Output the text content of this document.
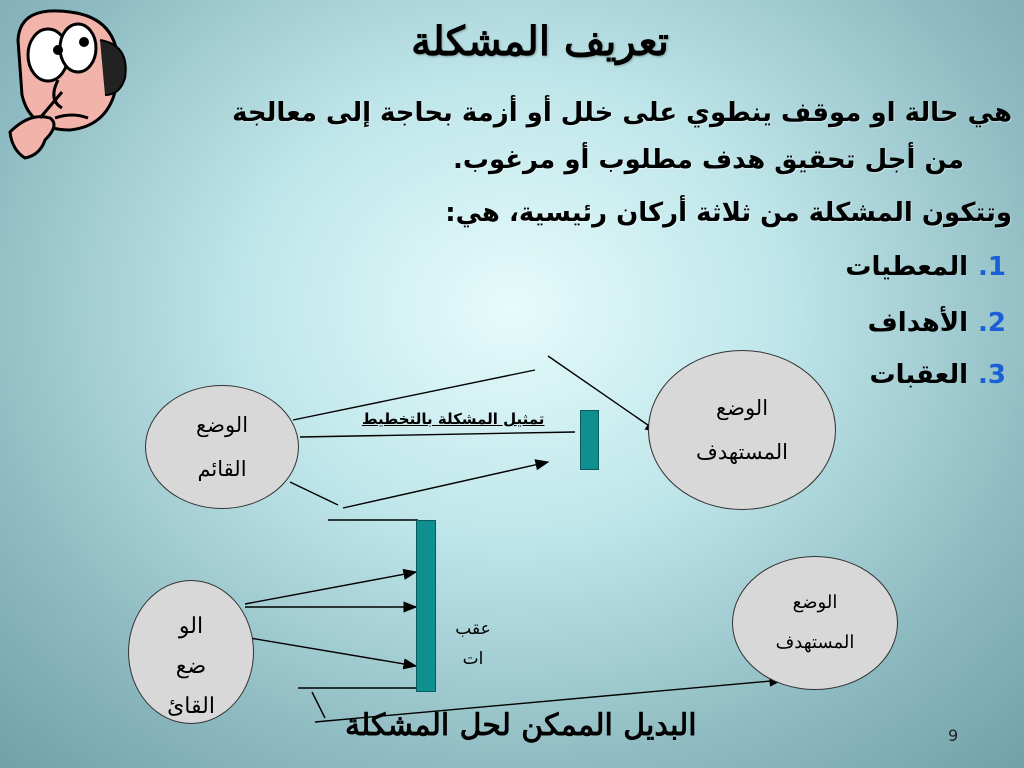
تعريف المشكلة
هي حالة او موقف ينطوي على خلل أو أزمة بحاجة إلى معالجة
من أجل تحقيق هدف مطلوب أو مرغوب.
وتتكون المشكلة من ثلاثة أركان رئيسية، هي:
1.المعطيات
2.الأهداف
3.العقبات
تمثيل المشكلة بالتخطيط
الوضع
القائم
الوضع
المستهدف
الو
ضع
القائ
الوضع
المستهدف
عقب
ات
البديل الممكن لحل المشكلة	9
